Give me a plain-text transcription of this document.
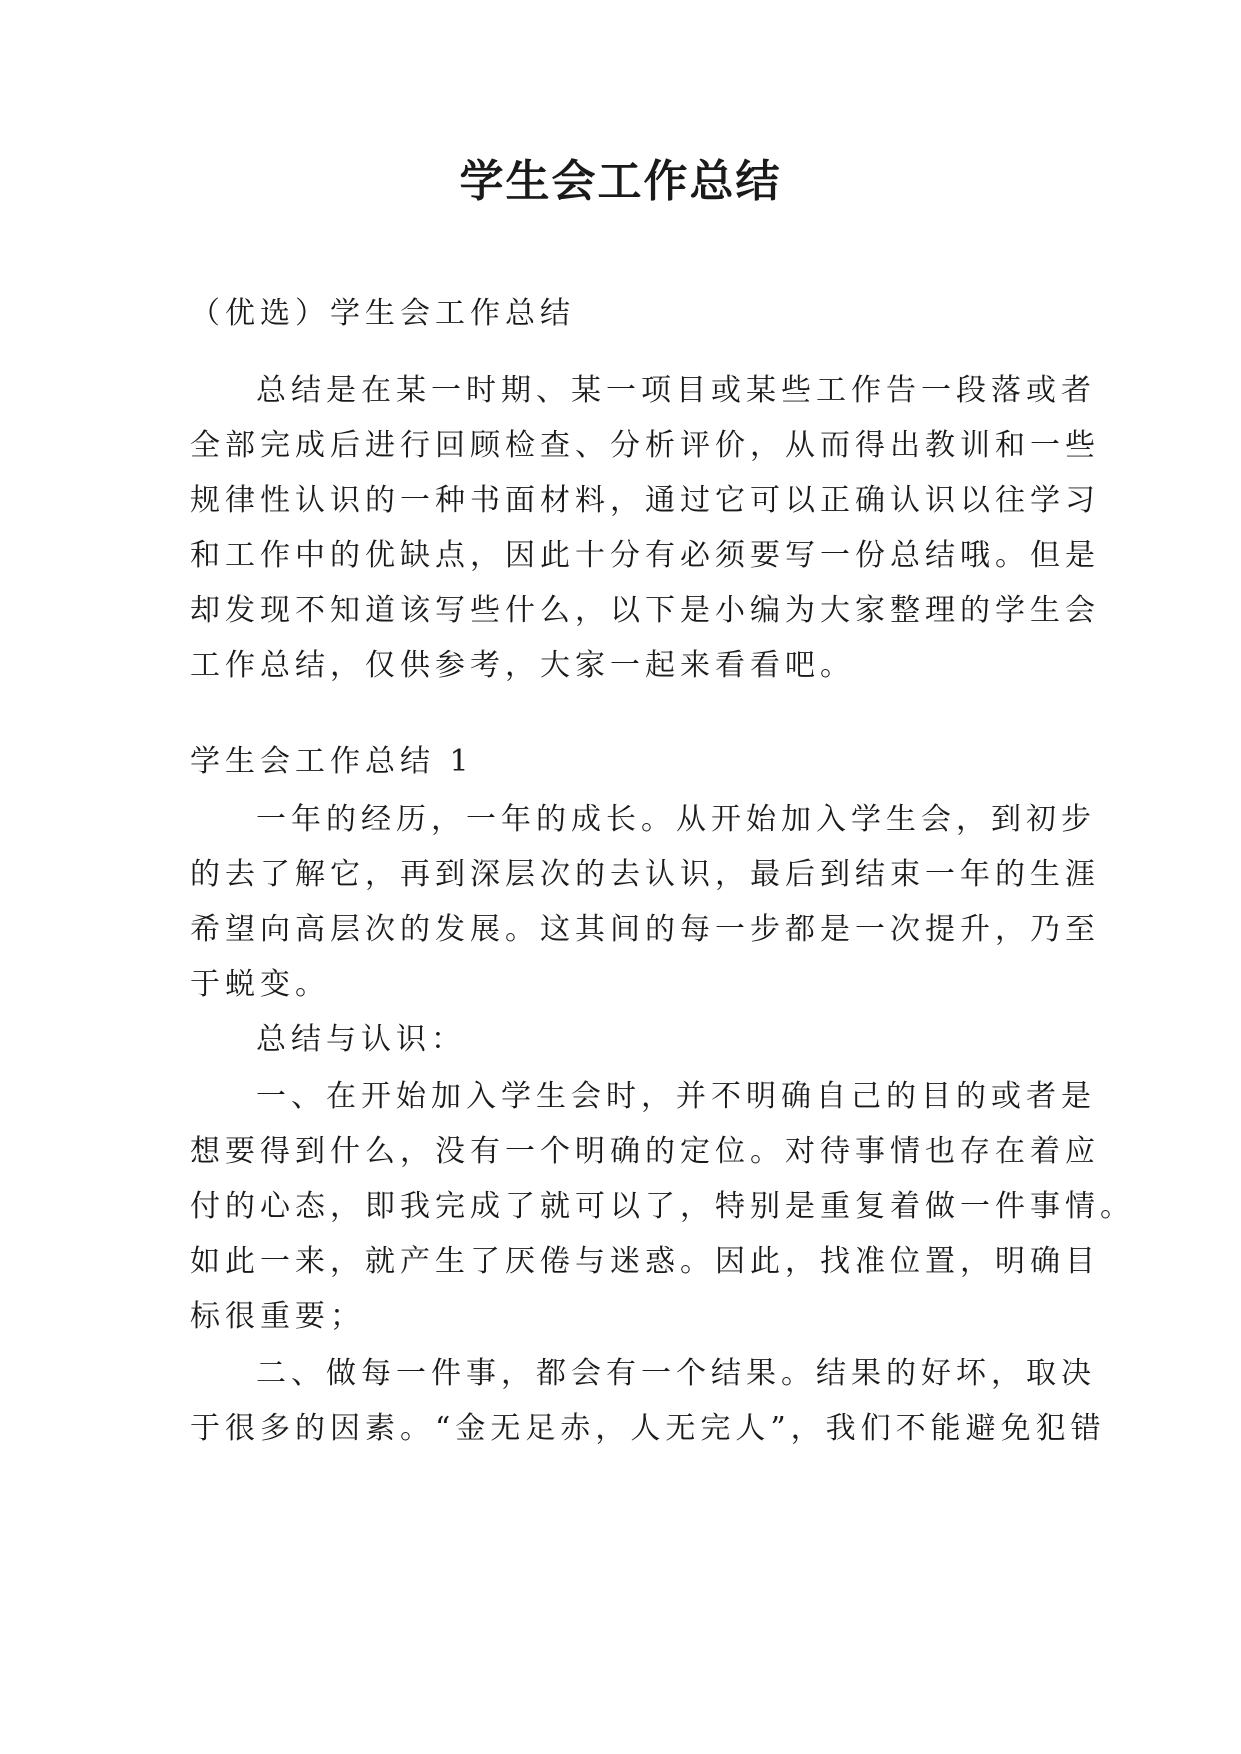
学生会工作总结

（优选）学生会工作总结

总结是在某一时期、某一项目或某些工作告一段落或者

全部完成后进行回顾检查、分析评价，从而得出教训和一些

规律性认识的一种书面材料，通过它可以正确认识以往学习

和工作中的优缺点，因此十分有必须要写一份总结哦。但是

却发现不知道该写些什么，以下是小编为大家整理的学生会

工作总结，仅供参考，大家一起来看看吧。

学生会工作总结 1

一年的经历，一年的成长。从开始加入学生会，到初步

的去了解它，再到深层次的去认识，最后到结束一年的生涯

希望向高层次的发展。这其间的每一步都是一次提升，乃至

于蜕变。

总结与认识：

一、在开始加入学生会时，并不明确自己的目的或者是

想要得到什么，没有一个明确的定位。对待事情也存在着应

付的心态，即我完成了就可以了，特别是重复着做一件事情。

如此一来，就产生了厌倦与迷惑。因此，找准位置，明确目

标很重要；

二、做每一件事，都会有一个结果。结果的好坏，取决

于很多的因素。“金无足赤，人无完人”，我们不能避免犯错
